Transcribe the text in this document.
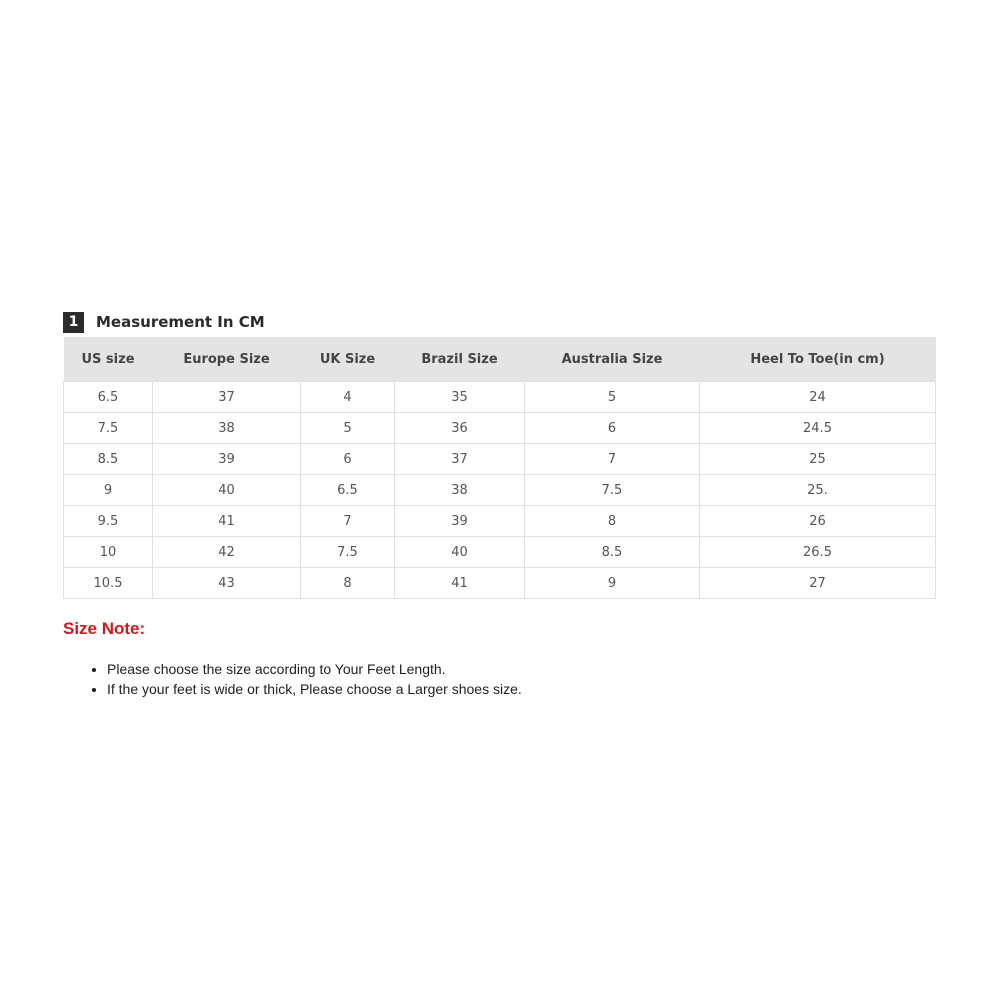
1	Measurement In CM
US size	Europe Size	UK Size	Brazil Size	Australia Size	Heel To Toe(in cm)
6.5	37	4	35	5	24
7.5	38	5	36	6	24.5
8.5	39	6	37	7	25
9	40	6.5	38	7.5	25.
9.5	41	7	39	8	26
10	42	7.5	40	8.5	26.5
10.5	43	8	41	9	27
Size Note:
• Please choose the size according to Your Feet Length.
• If the your feet is wide or thick, Please choose a Larger shoes size.
